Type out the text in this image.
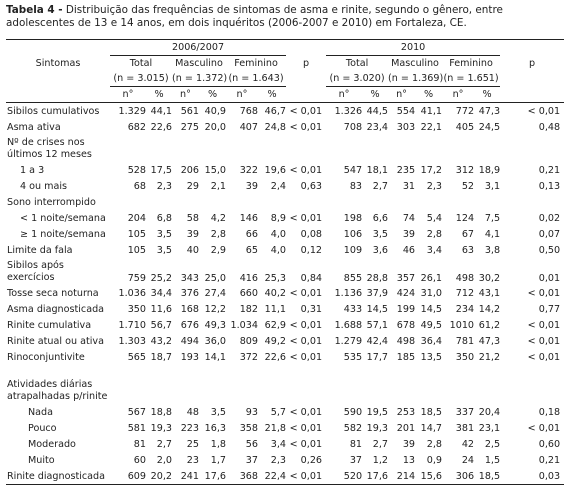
Tabela 4 - Distribuição das frequências de sintomas de asma e rinite, segundo o gênero, entre adolescentes de 13 e 14 anos, em dois inquéritos (2006-2007 e 2010) em Fortaleza, CE.
Sintomas	2006/2007						p	2010						p
	Total		Masculino		Feminino			Total		Masculino		Feminino		
	(n = 3.015)		(n = 1.372)		(n = 1.643)			(n = 3.020)		(n = 1.369)		(n = 1.651)		
	n°	%	n°	%	n°	%		n°	%	n°	%	n°	%	
Sibilos cumulativos	1.329	44,1	561	40,9	768	46,7	< 0,01	1.326	44,5	554	41,1	772	47,3	< 0,01
Asma ativa	682	22,6	275	20,0	407	24,8	< 0,01	708	23,4	303	22,1	405	24,5	0,48
Nº de crises nos últimos 12 meses														
1 a 3	528	17,5	206	15,0	322	19,6	< 0,01	547	18,1	235	17,2	312	18,9	0,21
4 ou mais	68	2,3	29	2,1	39	2,4	0,63	83	2,7	31	2,3	52	3,1	0,13
Sono interrompido														
< 1 noite/semana	204	6,8	58	4,2	146	8,9	< 0,01	198	6,6	74	5,4	124	7,5	0,02
≥ 1 noite/semana	105	3,5	39	2,8	66	4,0	0,08	106	3,5	39	2,8	67	4,1	0,07
Limite da fala	105	3,5	40	2,9	65	4,0	0,12	109	3,6	46	3,4	63	3,8	0,50
Sibilos após exercícios	759	25,2	343	25,0	416	25,3	0,84	855	28,8	357	26,1	498	30,2	0,01
Tosse seca noturna	1.036	34,4	376	27,4	660	40,2	< 0,01	1.136	37,9	424	31,0	712	43,1	< 0,01
Asma diagnosticada	350	11,6	168	12,2	182	11,1	0,31	433	14,5	199	14,5	234	14,2	0,77
Rinite cumulativa	1.710	56,7	676	49,3	1.034	62,9	< 0,01	1.688	57,1	678	49,5	1010	61,2	< 0,01
Rinite atual ou ativa	1.303	43,2	494	36,0	809	49,2	< 0,01	1.279	42,4	498	36,4	781	47,3	< 0,01
Rinoconjuntivite	565	18,7	193	14,1	372	22,6	< 0,01	535	17,7	185	13,5	350	21,2	< 0,01
Atividades diárias atrapalhadas p/rinite														
Nada	567	18,8	48	3,5	93	5,7	< 0,01	590	19,5	253	18,5	337	20,4	0,18
Pouco	581	19,3	223	16,3	358	21,8	< 0,01	582	19,3	201	14,7	381	23,1	< 0,01
Moderado	81	2,7	25	1,8	56	3,4	< 0,01	81	2,7	39	2,8	42	2,5	0,60
Muito	60	2,0	23	1,7	37	2,3	0,26	37	1,2	13	0,9	24	1,5	0,21
Rinite diagnosticada	609	20,2	241	17,6	368	22,4	< 0,01	520	17,6	214	15,6	306	18,5	0,03
